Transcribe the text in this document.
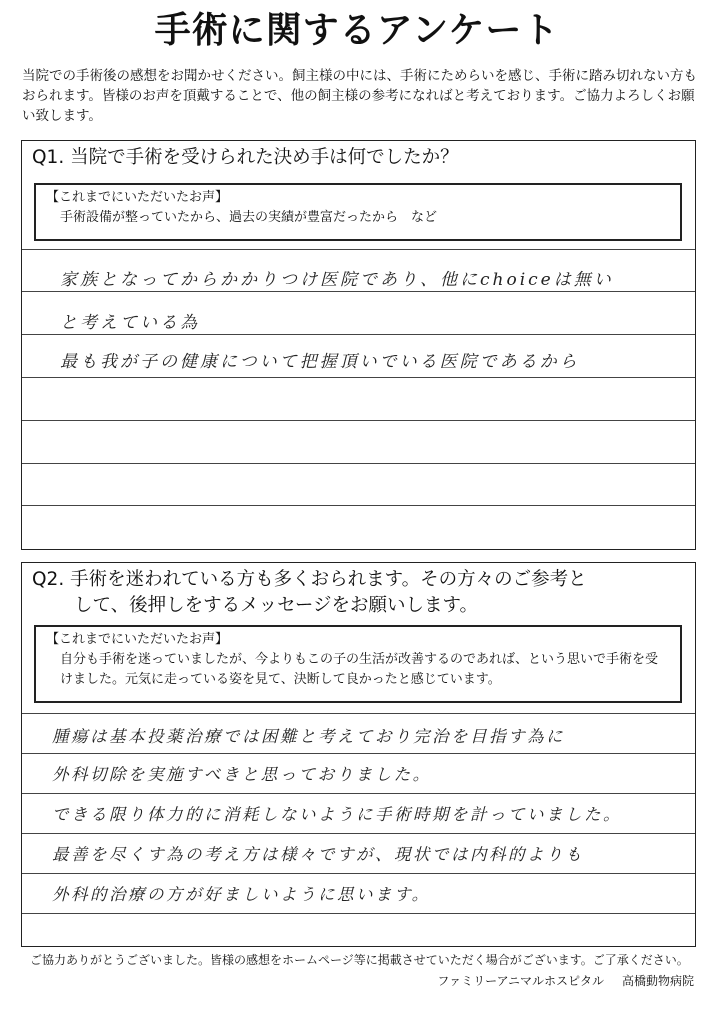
手術に関するアンケート
当院での手術後の感想をお聞かせください。飼主様の中には、手術にためらいを感じ、手術に踏み切れない方もおられます。皆様のお声を頂戴することで、他の飼主様の参考になればと考えております。ご協力よろしくお願い致します。
Q1. 当院で手術を受けられた決め手は何でしたか？
【これまでにいただいたお声】
手術設備が整っていたから、過去の実績が豊富だったから　など
家族となってからかかりつけ医院であり、他にchoiceは無い
と考えている為
最も我が子の健康について把握頂いでいる医院であるから
Q2. 手術を迷われている方も多くおられます。その方々のご参考と
して、後押しをするメッセージをお願いします。
【これまでにいただいたお声】
自分も手術を迷っていましたが、今よりもこの子の生活が改善するのであれば、という思いで手術を受けました。元気に走っている姿を見て、決断して良かったと感じています。
腫瘍は基本投薬治療では困難と考えており完治を目指す為に
外科切除を実施すべきと思っておりました。
できる限り体力的に消耗しないように手術時期を計っていました。
最善を尽くす為の考え方は様々ですが、現状では内科的よりも
外科的治療の方が好ましいように思います。
ご協力ありがとうございました。皆様の感想をホームページ等に掲載させていただく場合がございます。ご了承ください。
ファミリーアニマルホスピタル 高橋動物病院
